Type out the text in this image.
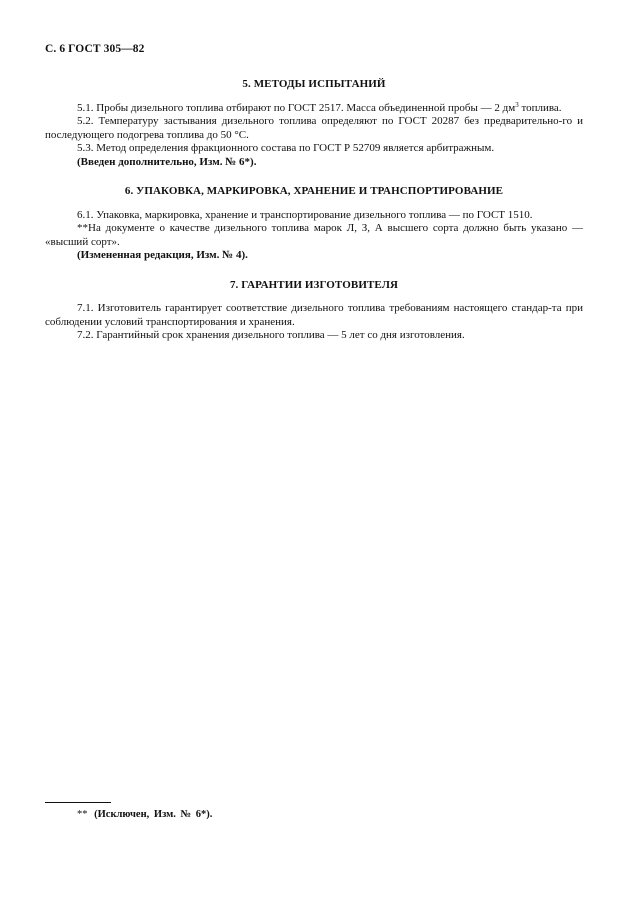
С. 6 ГОСТ 305—82
5. МЕТОДЫ ИСПЫТАНИЙ

5.1. Пробы дизельного топлива отбирают по ГОСТ 2517. Масса объединенной пробы — 2 $дм^3$ топлива.

5.2. Температуру застывания дизельного топлива определяют по ГОСТ 20287 без предварительно-го и последующего подогрева топлива до 50 °С.

5.3. Метод определения фракционного состава по ГОСТ Р 52709 является арбитражным.

(Введен дополнительно, Изм. № 6*).

6. УПАКОВКА, МАРКИРОВКА, ХРАНЕНИЕ И ТРАНСПОРТИРОВАНИЕ

6.1. Упаковка, маркировка, хранение и транспортирование дизельного топлива — по ГОСТ 1510.

**На документе о качестве дизельного топлива марок Л, З, А высшего сорта должно быть указано — «высший сорт».

(Измененная редакция, Изм. № 4).

7. ГАРАНТИИ ИЗГОТОВИТЕЛЯ

7.1. Изготовитель гарантирует соответствие дизельного топлива требованиям настоящего стандар-та при соблюдении условий транспортирования и хранения.

7.2. Гарантийный срок хранения дизельного топлива — 5 лет со дня изготовления.

** (Исключен, Изм. № 6*).
